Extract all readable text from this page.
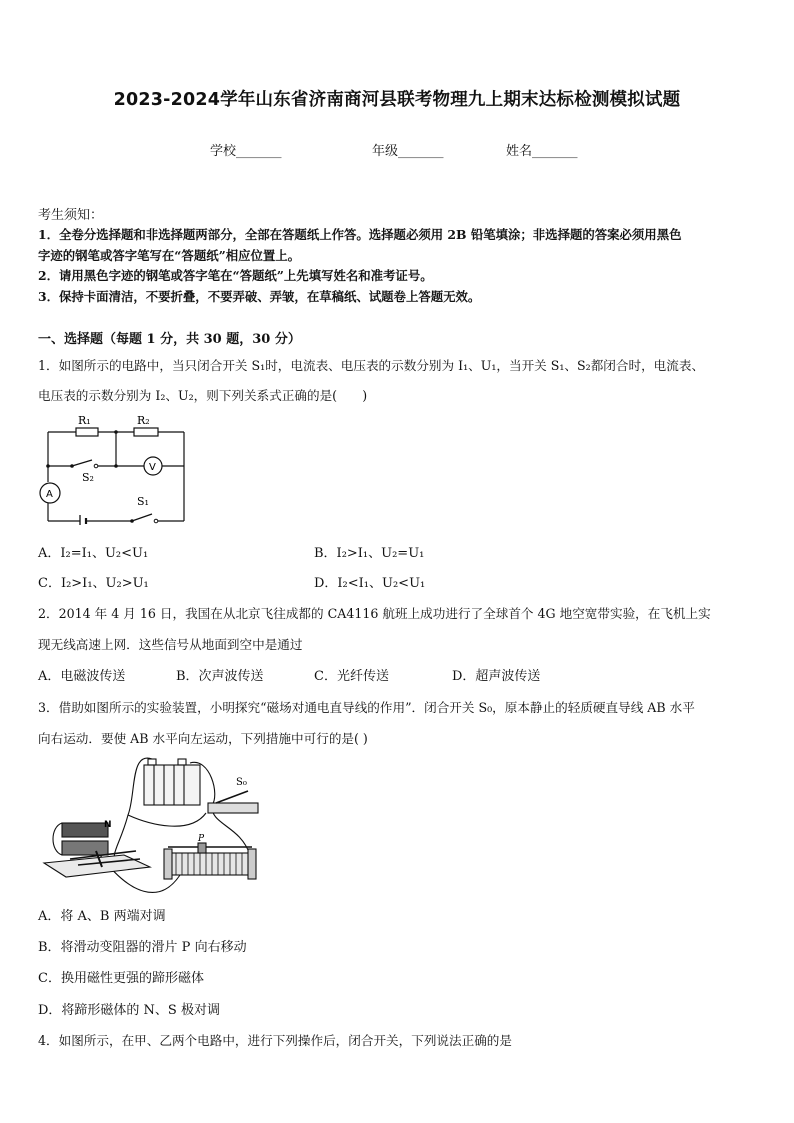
2023-2024学年山东省济南商河县联考物理九上期末达标检测模拟试题
学校_______	年级_______	姓名_______
考生须知：
1．全卷分选择题和非选择题两部分，全部在答题纸上作答。选择题必须用 2B 铅笔填涂；非选择题的答案必须用黑色
字迹的钢笔或答字笔写在“答题纸”相应位置上。
2．请用黑色字迹的钢笔或答字笔在“答题纸”上先填写姓名和准考证号。
3．保持卡面清洁，不要折叠，不要弄破、弄皱，在草稿纸、试题卷上答题无效。
一、选择题（每题 1 分，共 30 题，30 分）
1．如图所示的电路中，当只闭合开关 S₁时，电流表、电压表的示数分别为 I₁、U₁，当开关 S₁、S₂都闭合时，电流表、
电压表的示数分别为 I₂、U₂，则下列关系式正确的是(　　)
R₁	R₂
S₂
S₁
V
A
A．I₂=I₁、U₂<U₁	B．I₂>I₁、U₂=U₁
C．I₂>I₁、U₂>U₁	D．I₂<I₁、U₂<U₁
2．2014 年 4 月 16 日，我国在从北京飞往成都的 CA4116 航班上成功进行了全球首个 4G 地空宽带实验，在飞机上实
现无线高速上网．这些信号从地面到空中是通过
A．电磁波传送	B．次声波传送	C．光纤传送	D．超声波传送
3．借助如图所示的实验装置，小明探究“磁场对通电直导线的作用”．闭合开关 S₀，原本静止的轻质硬直导线 AB 水平
向右运动．要使 AB 水平向左运动，下列措施中可行的是( )
S₀
N
P
A．将 A、B 两端对调
B．将滑动变阻器的滑片 P 向右移动
C．换用磁性更强的蹄形磁体
D．将蹄形磁体的 N、S 极对调
4．如图所示，在甲、乙两个电路中，进行下列操作后，闭合开关，下列说法正确的是
